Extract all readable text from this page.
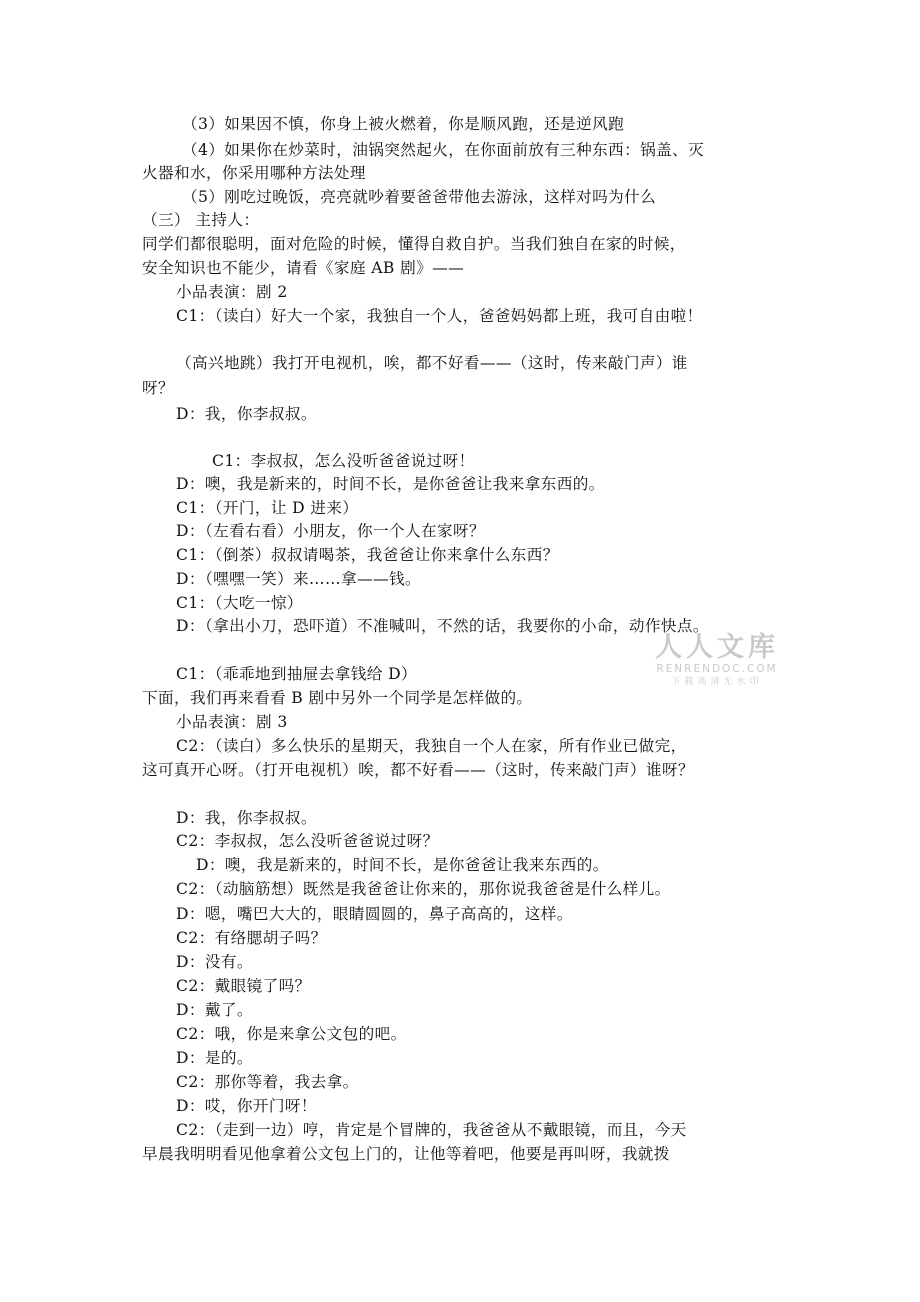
（3）如果因不慎，你身上被火燃着，你是顺风跑，还是逆风跑
（4）如果你在炒菜时，油锅突然起火，在你面前放有三种东西：锅盖、灭
火器和水，你采用哪种方法处理
（5）刚吃过晚饭，亮亮就吵着要爸爸带他去游泳，这样对吗为什么
（三） 主持人：
同学们都很聪明，面对危险的时候，懂得自救自护。当我们独自在家的时候，
安全知识也不能少，请看《家庭 AB 剧》——
小品表演：剧 2
C1：（读白）好大一个家，我独自一个人，爸爸妈妈都上班，我可自由啦！
（高兴地跳）我打开电视机，唉，都不好看——（这时，传来敲门声）谁
呀？
D：我，你李叔叔。
C1：李叔叔，怎么没听爸爸说过呀！
D：噢，我是新来的，时间不长，是你爸爸让我来拿东西的。
C1：（开门，让 D 进来）
D：（左看右看）小朋友，你一个人在家呀？
C1：（倒茶）叔叔请喝茶，我爸爸让你来拿什么东西？
D：（嘿嘿一笑）来……拿——钱。
C1：（大吃一惊）
D：（拿出小刀，恐吓道）不准喊叫，不然的话，我要你的小命，动作快点。
C1：（乖乖地到抽屉去拿钱给 D）
下面，我们再来看看 B 剧中另外一个同学是怎样做的。
小品表演：剧 3
C2：（读白）多么快乐的星期天，我独自一个人在家，所有作业已做完，
这可真开心呀。（打开电视机）唉，都不好看——（这时，传来敲门声）谁呀？
D：我，你李叔叔。
C2：李叔叔，怎么没听爸爸说过呀？
D：噢，我是新来的，时间不长，是你爸爸让我来东西的。
C2：（动脑筋想）既然是我爸爸让你来的，那你说我爸爸是什么样儿。
D：嗯，嘴巴大大的，眼睛圆圆的，鼻子高高的，这样。
C2：有络腮胡子吗？
D：没有。
C2：戴眼镜了吗？
D：戴了。
C2：哦，你是来拿公文包的吧。
D：是的。
C2：那你等着，我去拿。
D：哎，你开门呀！
C2：（走到一边）哼，肯定是个冒牌的，我爸爸从不戴眼镜，而且，今天
早晨我明明看见他拿着公文包上门的，让他等着吧，他要是再叫呀，我就拨
人人文库
RENRENDOC.COM
下载高清无水印
